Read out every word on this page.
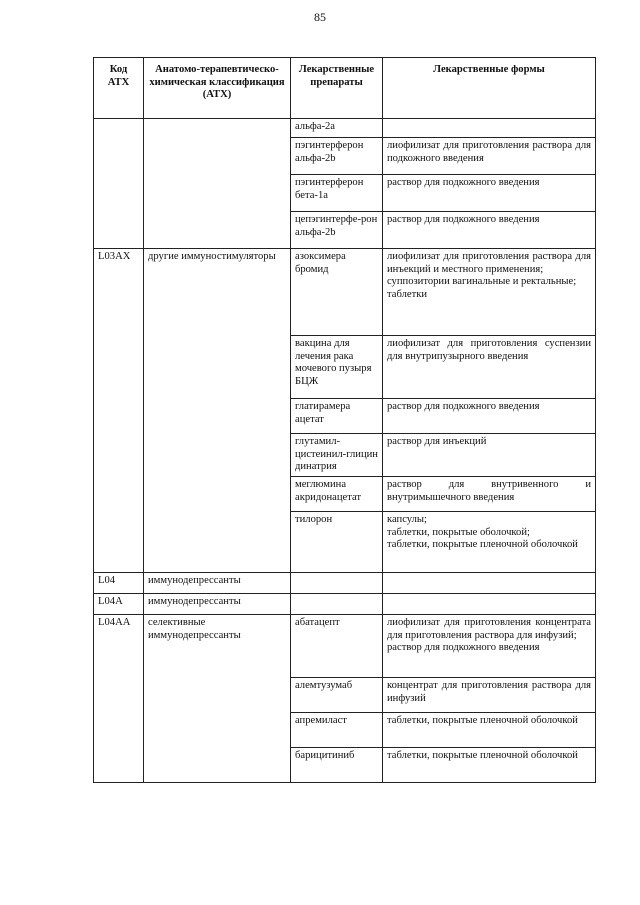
85
Код АТХ	Анатомо-терапевтическо-химическая классификация (АТХ)	Лекарственные препараты	Лекарственные формы

		альфа-2а	

		пэгинтерферон альфа-2b	лиофилизат для приготовления раствора для подкожного введения

		пэгинтерферон бета-1а	раствор для подкожного введения

		цепэгинтерфе-рон альфа-2b	раствор для подкожного введения

L03AX	другие иммуностимуляторы	азоксимера бромид	лиофилизат для приготовления раствора для инъекций и местного применения;
суппозитории вагинальные и ректальные;
таблетки

		вакцина для лечения рака мочевого пузыря БЦЖ	лиофилизат для приготовления суспензии для внутрипузырного введения

		глатирамера ацетат	раствор для подкожного введения

		глутамил-цистеинил-глицин динатрия	раствор для инъекций

		меглюмина акридонацетат	раствор для внутривенного и внутримышечного введения

		тилорон	капсулы;
таблетки, покрытые оболочкой;
таблетки, покрытые пленочной оболочкой

L04	иммунодепрессанты	

L04A	иммунодепрессанты	

L04AA	селективные иммунодепрессанты	абатацепт	лиофилизат для приготовления концентрата для приготовления раствора для инфузий;
раствор для подкожного введения

		алемтузумаб	концентрат для приготовления раствора для инфузий

		апремиласт	таблетки, покрытые пленочной оболочкой

		барицитиниб	таблетки, покрытые пленочной оболочкой
